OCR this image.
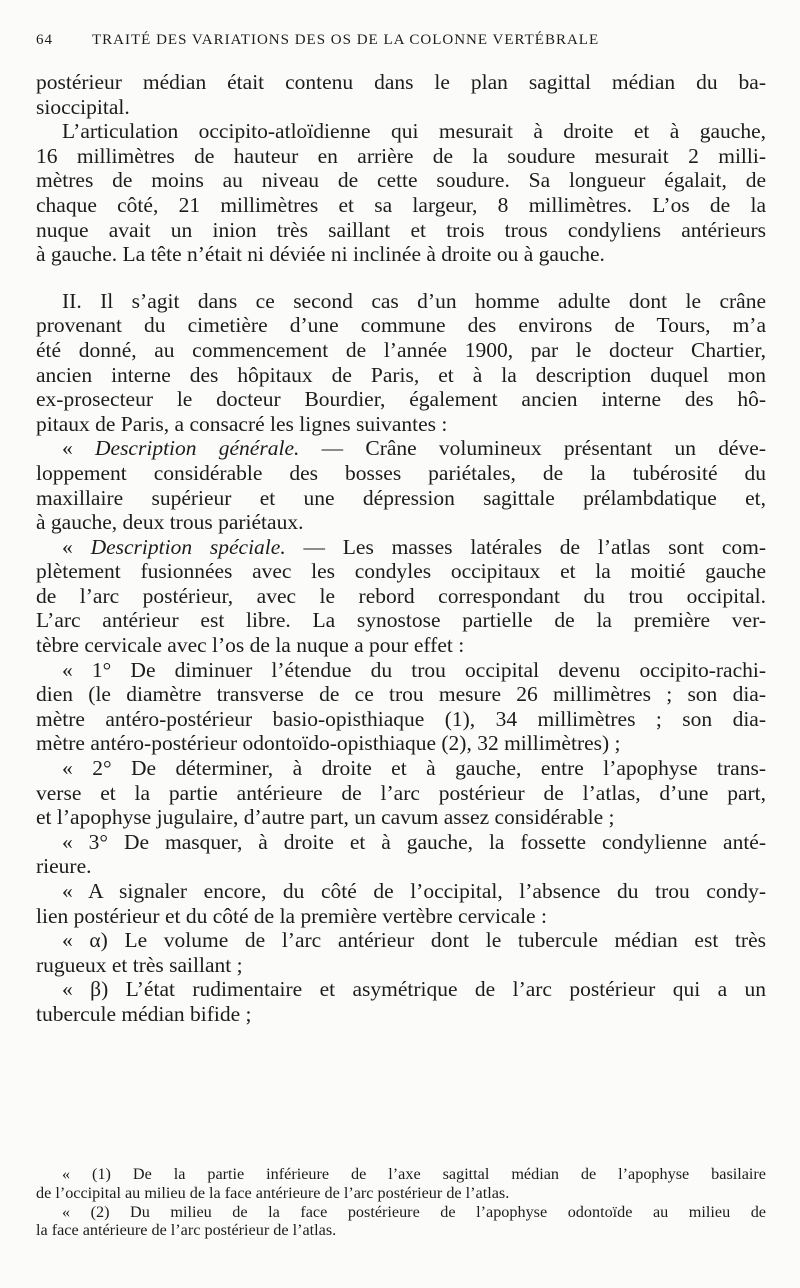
64	TRAITÉ DES VARIATIONS DES OS DE LA COLONNE VERTÉBRALE

postérieur médian était contenu dans le plan sagittal médian du ba-

sioccipital.

L’articulation occipito-atloïdienne qui mesurait à droite et à gauche,

16 millimètres de hauteur en arrière de la soudure mesurait 2 milli-

mètres de moins au niveau de cette soudure. Sa longueur égalait, de

chaque côté, 21 millimètres et sa largeur, 8 millimètres. L’os de la

nuque avait un inion très saillant et trois trous condyliens antérieurs

à gauche. La tête n’était ni déviée ni inclinée à droite ou à gauche.

II. Il s’agit dans ce second cas d’un homme adulte dont le crâne

provenant du cimetière d’une commune des environs de Tours, m’a

été donné, au commencement de l’année 1900, par le docteur Chartier,

ancien interne des hôpitaux de Paris, et à la description duquel mon

ex-prosecteur le docteur Bourdier, également ancien interne des hô-

pitaux de Paris, a consacré les lignes suivantes :

« Description générale. — Crâne volumineux présentant un déve-

loppement considérable des bosses pariétales, de la tubérosité du

maxillaire supérieur et une dépression sagittale prélambdatique et,

à gauche, deux trous pariétaux.

« Description spéciale. — Les masses latérales de l’atlas sont com-

plètement fusionnées avec les condyles occipitaux et la moitié gauche

de l’arc postérieur, avec le rebord correspondant du trou occipital.

L’arc antérieur est libre. La synostose partielle de la première ver-

tèbre cervicale avec l’os de la nuque a pour effet :

« 1° De diminuer l’étendue du trou occipital devenu occipito-rachi-

dien (le diamètre transverse de ce trou mesure 26 millimètres ; son dia-

mètre antéro-postérieur basio-opisthiaque (1), 34 millimètres ; son dia-

mètre antéro-postérieur odontoïdo-opisthiaque (2), 32 millimètres) ;

« 2° De déterminer, à droite et à gauche, entre l’apophyse trans-

verse et la partie antérieure de l’arc postérieur de l’atlas, d’une part,

et l’apophyse jugulaire, d’autre part, un cavum assez considérable ;

« 3° De masquer, à droite et à gauche, la fossette condylienne anté-

rieure.

« A signaler encore, du côté de l’occipital, l’absence du trou condy-

lien postérieur et du côté de la première vertèbre cervicale :

« α) Le volume de l’arc antérieur dont le tubercule médian est très

rugueux et très saillant ;

« β) L’état rudimentaire et asymétrique de l’arc postérieur qui a un

tubercule médian bifide ;

« (1) De la partie inférieure de l’axe sagittal médian de l’apophyse basilaire

de l’occipital au milieu de la face antérieure de l’arc postérieur de l’atlas.

« (2) Du milieu de la face postérieure de l’apophyse odontoïde au milieu de

la face antérieure de l’arc postérieur de l’atlas.
